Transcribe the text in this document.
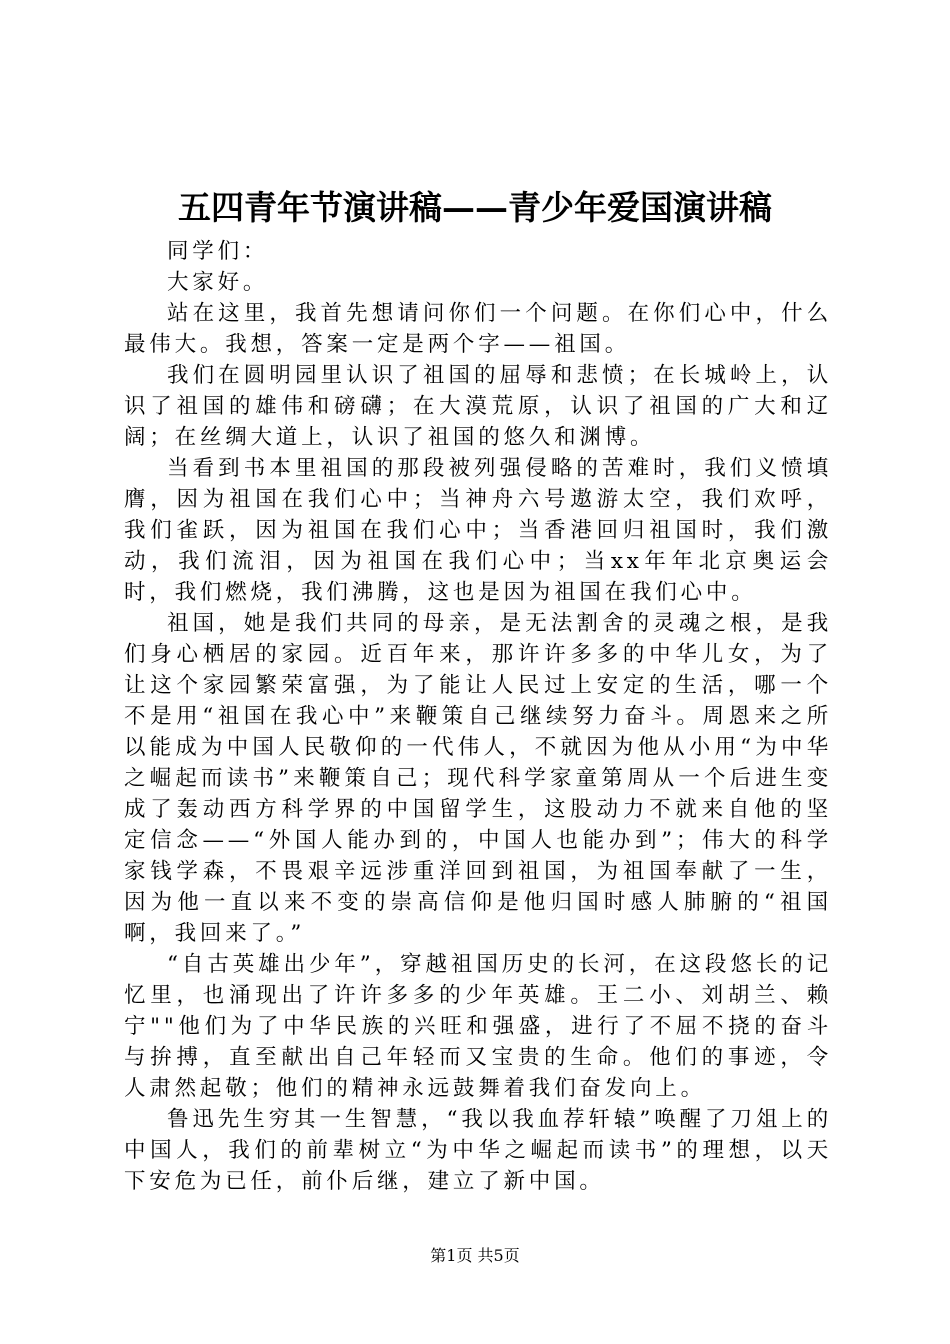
五四青年节演讲稿——青少年爱国演讲稿

同学们：

大家好。

站在这里，我首先想请问你们一个问题。在你们心中，什么最伟大。我想，答案一定是两个字——祖国。

我们在圆明园里认识了祖国的屈辱和悲愤；在长城岭上，认识了祖国的雄伟和磅礴；在大漠荒原，认识了祖国的广大和辽阔；在丝绸大道上，认识了祖国的悠久和渊博。

当看到书本里祖国的那段被列强侵略的苦难时，我们义愤填膺，因为祖国在我们心中；当神舟六号遨游太空，我们欢呼，我们雀跃，因为祖国在我们心中；当香港回归祖国时，我们激动，我们流泪，因为祖国在我们心中；当xx年年北京奥运会时，我们燃烧，我们沸腾，这也是因为祖国在我们心中。

祖国，她是我们共同的母亲，是无法割舍的灵魂之根，是我们身心栖居的家园。近百年来，那许许多多的中华儿女，为了让这个家园繁荣富强，为了能让人民过上安定的生活，哪一个不是用“祖国在我心中”来鞭策自己继续努力奋斗。周恩来之所以能成为中国人民敬仰的一代伟人，不就因为他从小用“为中华之崛起而读书”来鞭策自己；现代科学家童第周从一个后进生变成了轰动西方科学界的中国留学生，这股动力不就来自他的坚定信念——“外国人能办到的，中国人也能办到”；伟大的科学家钱学森，不畏艰辛远涉重洋回到祖国，为祖国奉献了一生，因为他一直以来不变的崇高信仰是他归国时感人肺腑的“祖国啊，我回来了。”

“自古英雄出少年”，穿越祖国历史的长河，在这段悠长的记忆里，也涌现出了许许多多的少年英雄。王二小、刘胡兰、赖宁""他们为了中华民族的兴旺和强盛，进行了不屈不挠的奋斗与拚搏，直至献出自己年轻而又宝贵的生命。他们的事迹，令人肃然起敬；他们的精神永远鼓舞着我们奋发向上。

鲁迅先生穷其一生智慧，“我以我血荐轩辕”唤醒了刀俎上的中国人，我们的前辈树立“为中华之崛起而读书”的理想，以天下安危为已任，前仆后继，建立了新中国。

第1页 共5页
